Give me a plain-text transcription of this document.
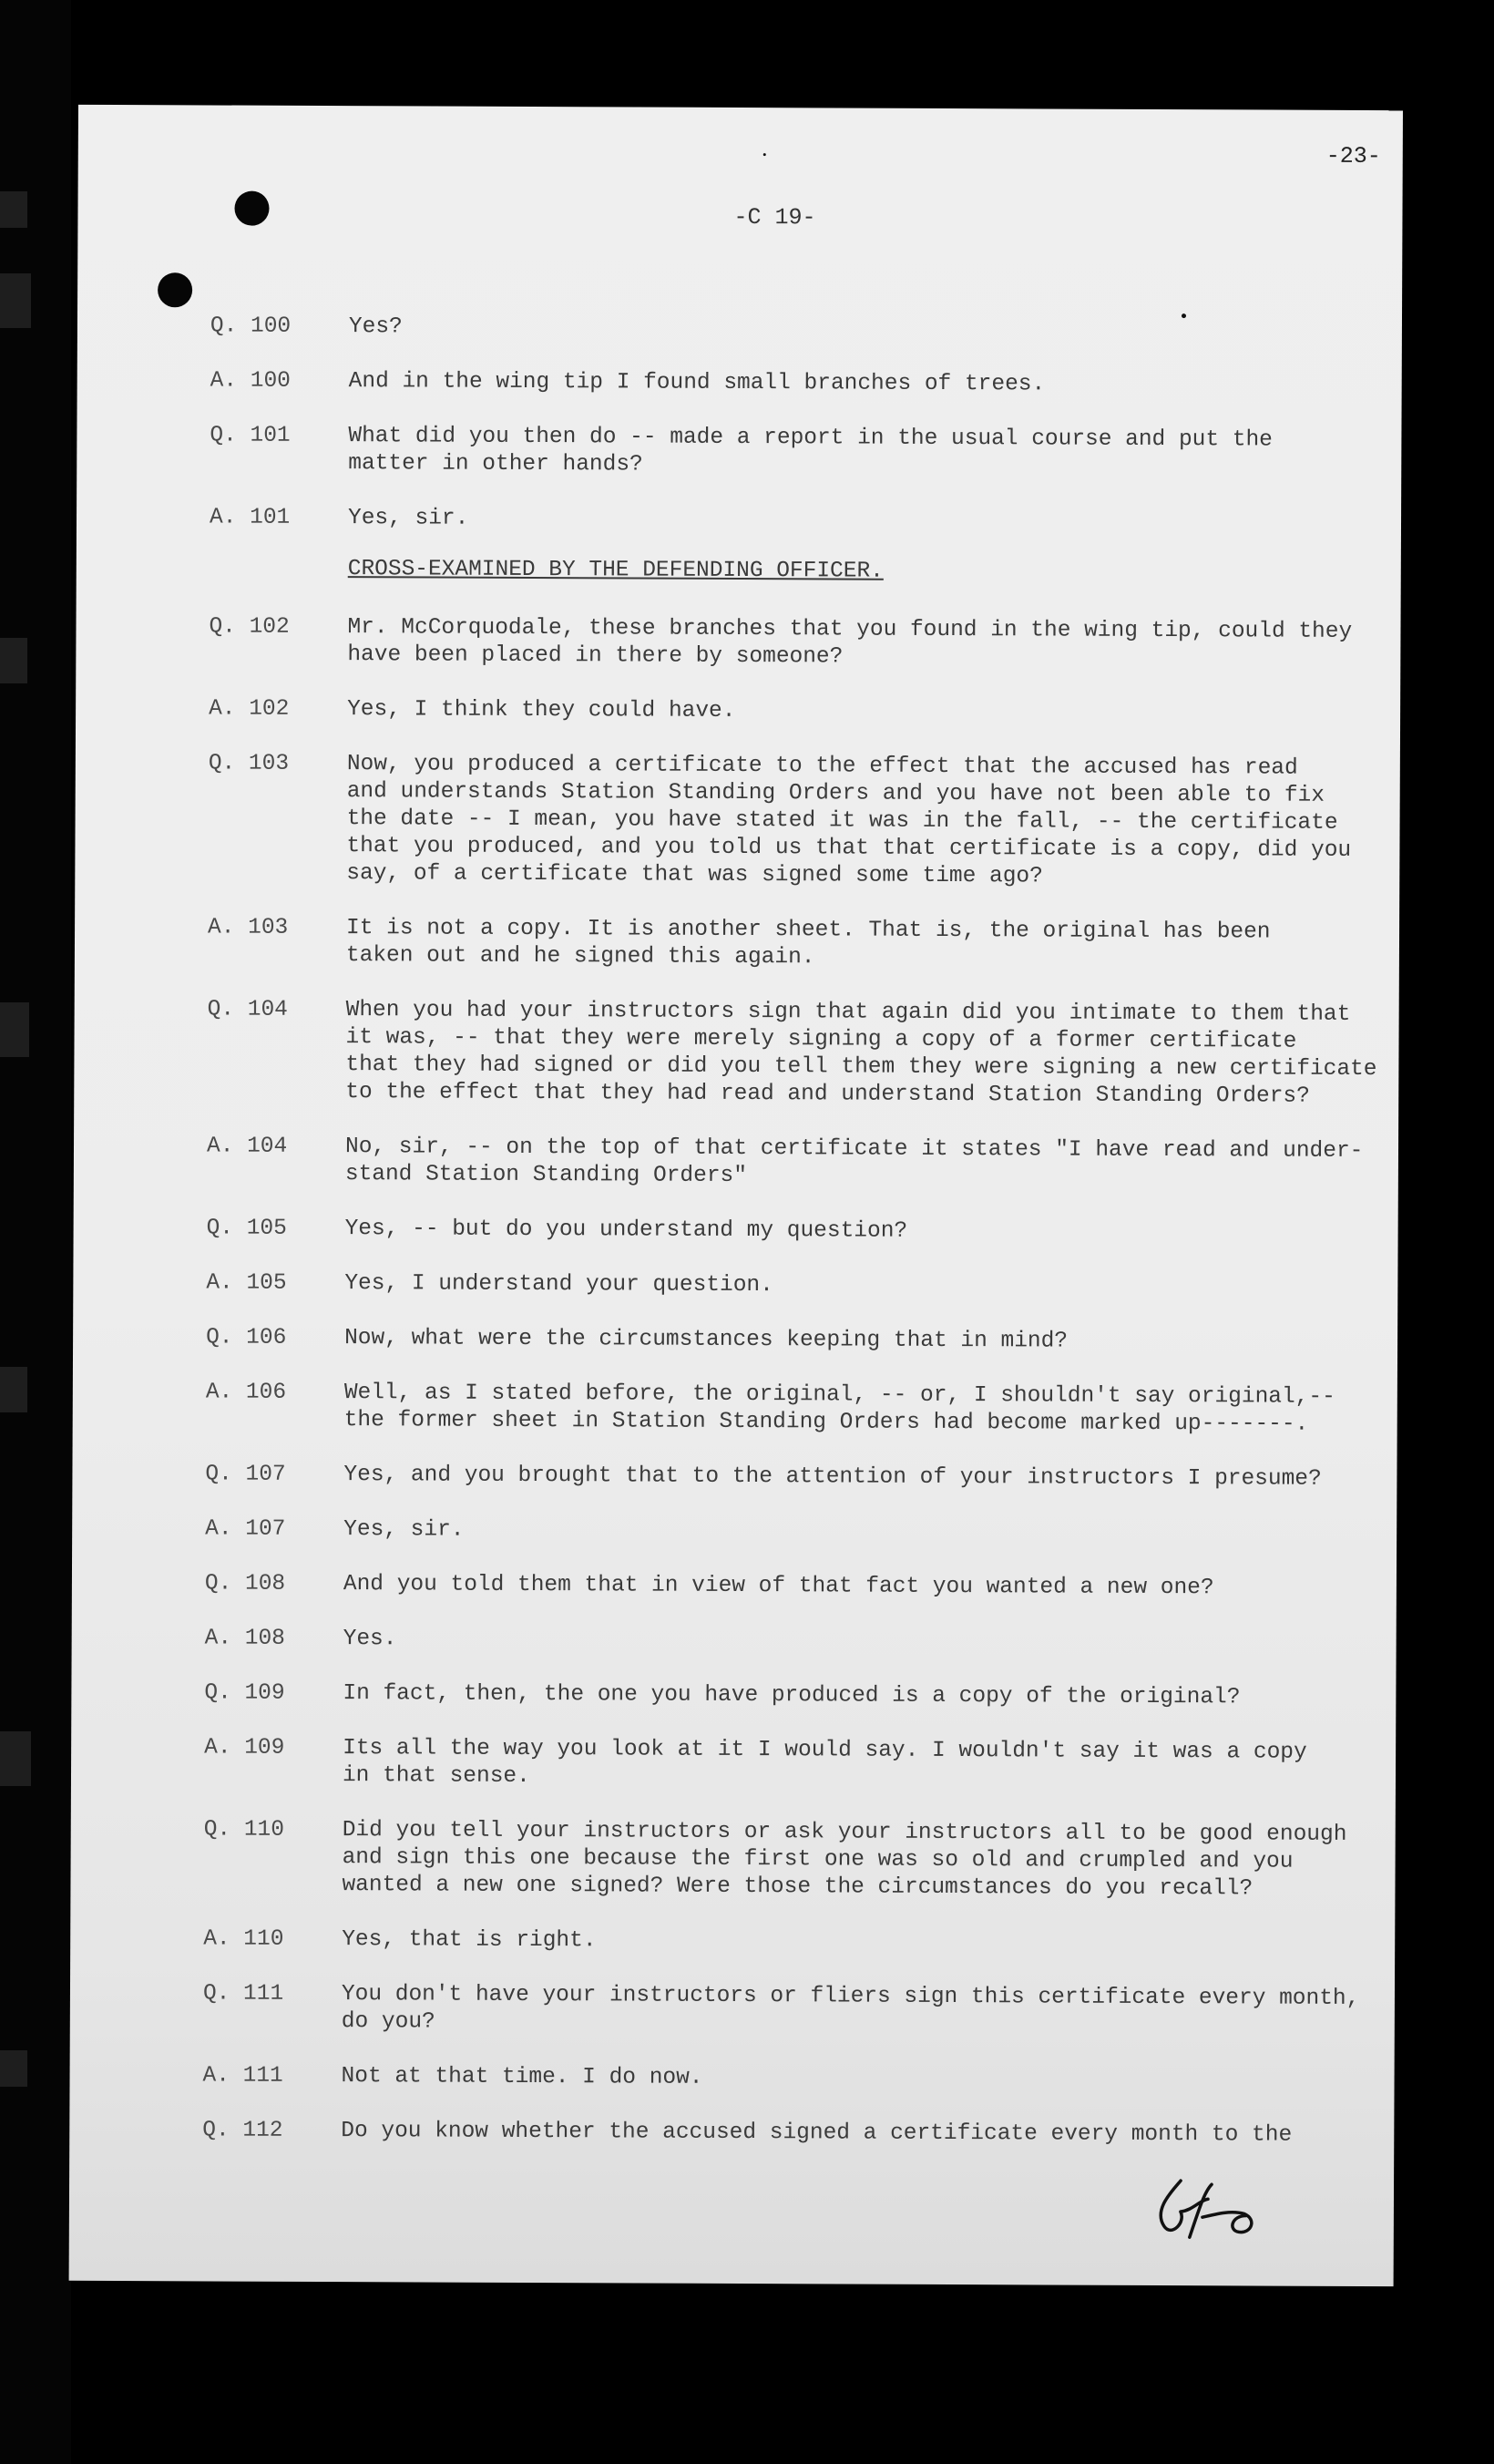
-23-
-C 19-
Q. 100	Yes?
A. 100	And in the wing tip I found small branches of trees.
Q. 101	What did you then do -- made a report in the usual course and put the
matter in other hands?
A. 101	Yes, sir.
CROSS-EXAMINED BY THE DEFENDING OFFICER.
Q. 102	Mr. McCorquodale, these branches that you found in the wing tip, could they
have been placed in there by someone?
A. 102	Yes, I think they could have.
Q. 103	Now, you produced a certificate to the effect that the accused has read
and understands Station Standing Orders and you have not been able to fix
the date -- I mean, you have stated it was in the fall, -- the certificate
that you produced, and you told us that that certificate is a copy, did you
say, of a certificate that was signed some time ago?
A. 103	It is not a copy. It is another sheet. That is, the original has been
taken out and he signed this again.
Q. 104	When you had your instructors sign that again did you intimate to them that
it was, -- that they were merely signing a copy of a former certificate
that they had signed or did you tell them they were signing a new certificate
to the effect that they had read and understand Station Standing Orders?
A. 104	No, sir, -- on the top of that certificate it states "I have read and under-
stand Station Standing Orders"
Q. 105	Yes, -- but do you understand my question?
A. 105	Yes, I understand your question.
Q. 106	Now, what were the circumstances keeping that in mind?
A. 106	Well, as I stated before, the original, -- or, I shouldn't say original,--
the former sheet in Station Standing Orders had become marked up-------.
Q. 107	Yes, and you brought that to the attention of your instructors I presume?
A. 107	Yes, sir.
Q. 108	And you told them that in view of that fact you wanted a new one?
A. 108	Yes.
Q. 109	In fact, then, the one you have produced is a copy of the original?
A. 109	Its all the way you look at it I would say. I wouldn't say it was a copy
in that sense.
Q. 110	Did you tell your instructors or ask your instructors all to be good enough
and sign this one because the first one was so old and crumpled and you
wanted a new one signed? Were those the circumstances do you recall?
A. 110	Yes, that is right.
Q. 111	You don't have your instructors or fliers sign this certificate every month,
do you?
A. 111	Not at that time. I do now.
Q. 112	Do you know whether the accused signed a certificate every month to the
